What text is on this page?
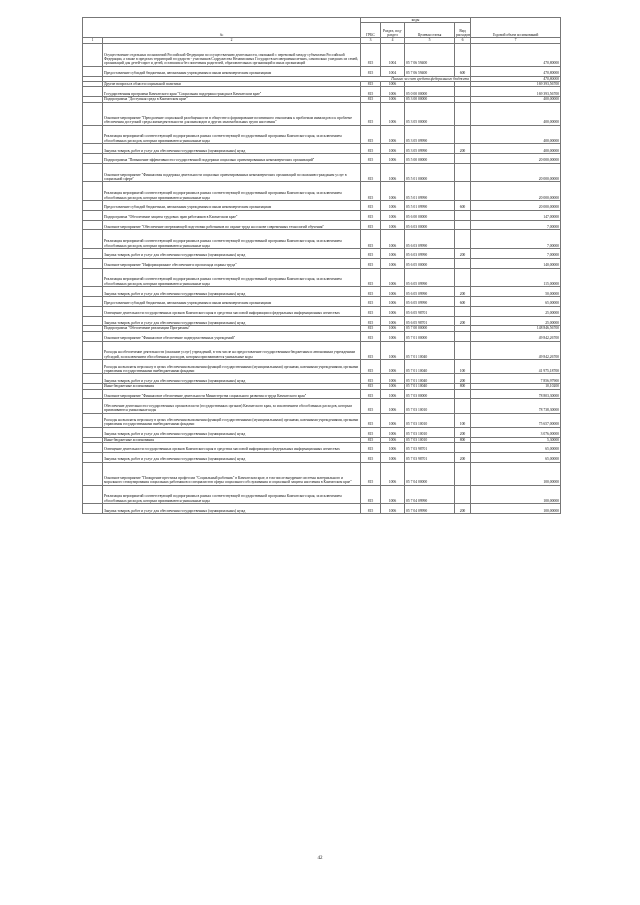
№		коды				Годовой объем ассигнований
		ГРБС	Раздел, под-раздел	Целевая статья	Вид расходов	
1	2	3	4	5	6	7
	Осуществление отдельных полномочий Российской Федерации по осуществлению деятельности, связанной с перевозкой между субъектами Российской Федерации, а также в пределах территорий государств - участников Содружества Независимых Государств несовершеннолетних, самовольно ушедших из семей, организаций для детей-сирот и детей, оставшихся без попечения родителей, образовательных организаций и иных организаций	815	1004	05 7 06 59400		470,80000
	Предоставление субсидий бюджетным, автономным учреждениям и иным некоммерческим организациям	815	1004	05 7 06 59400	600	470,80000
	Письмо за счет средств федерального бюджета					470,80000
	Другие вопросы в области социальной политики	815	1006			169 393,56700
	Государственная программа Камчатского края "Социальная поддержка граждан в Камчатском крае"	815	1006	05 0 00 00000		169 393,56700
	Подпрограмма "Доступная среда в Камчатском крае"	815	1006	05 3 00 00000		400,00000
	Основное мероприятие "Преодоление социальной разобщенности в обществе и формирование позитивного отношения к проблемам инвалидов и к проблеме обеспечения доступной среды жизнедеятельности для инвалидов и других маломобильных групп населения"	815	1006	05 3 05 00000		400,00000
	Реализация мероприятий соответствующей подпрограммы в рамках соответствующей государственной программы Камчатского края, за исключением обособленных расходов, которым присваиваются уникальные коды	815	1006	05 3 05 09990		400,00000
	Закупка товаров, работ и услуг для обеспечения государственных (муниципальных) нужд	815	1006	05 3 05 09990	200	400,00000
	Подпрограмма "Повышение эффективности государственной поддержки социально ориентированных некоммерческих организаций"	815	1006	05 5 00 00000		20 000,00000
	Основное мероприятие "Финансовая поддержка деятельности социально ориентированных некоммерческих организаций по оказанию гражданам услуг в социальной сфере"	815	1006	05 5 01 00000		20 000,00000
	Реализация мероприятий соответствующей подпрограммы в рамках соответствующей государственной программы Камчатского края, за исключением обособленных расходов, которым присваиваются уникальные коды	815	1006	05 5 01 09990		20 000,00000
	Предоставление субсидий бюджетным, автономным учреждениям и иным некоммерческим организациям	815	1006	05 5 01 09990	600	20 000,00000
	Подпрограмма "Обеспечение защиты трудовых прав работников в Камчатском крае"	815	1006	05 6 00 00000		147,00000
	Основное мероприятие "Обеспечение опережающей подготовки работников по охране труда на основе современных технологий обучения"	815	1006	05 6 03 00000		7,00000
	Реализация мероприятий соответствующей подпрограммы в рамках соответствующей государственной программы Камчатского края, за исключением обособленных расходов, которым присваиваются уникальные коды	815	1006	05 6 03 09990		7,00000
	Закупка товаров, работ и услуг для обеспечения государственных (муниципальных) нужд	815	1006	05 6 03 09990	200	7,00000
	Основное мероприятие "Информационное обеспечение и пропаганда охраны труда"	815	1006	05 6 05 00000		140,00000
	Реализация мероприятий соответствующей подпрограммы в рамках соответствующей государственной программы Камчатского края, за исключением обособленных расходов, которым присваиваются уникальные коды	815	1006	05 6 05 09990		115,00000
	Закупка товаров, работ и услуг для обеспечения государственных (муниципальных) нужд	815	1006	05 6 05 09990	200	50,00000
	Предоставление субсидий бюджетным, автономным учреждениям и иным некоммерческим организациям	815	1006	05 6 05 09990	600	65,00000
	Освещение деятельности государственных органов Камчатского края в средствах массовой информации и федеральных информационных агентствах	815	1006	05 6 05 98701		25,00000
	Закупка товаров, работ и услуг для обеспечения государственных (муниципальных) нужд	815	1006	05 6 05 98701	200	25,00000
	Подпрограмма "Обеспечение реализации Программы"	815	1006	05 7 00 00000		148 846,56700
	Основное мероприятие "Финансовое обеспечение подведомственных учреждений"	815	1006	05 7 01 00000		49 842,26700
	Расходы на обеспечение деятельности (оказание услуг) учреждений, в том числе на предоставление государственным бюджетным и автономным учреждениям субсидий, за исключением обособленных расходов, которым присваиваются уникальные коды	815	1006	05 7 01 10040		49 842,26700
	Расходы на выплаты персоналу в целях обеспечения выполнения функций государственными (муниципальными) органами, казенными учреждениями, органами управления государственными внебюджетными фондами	815	1006	05 7 01 10040	100	41 975,18700
	Закупка товаров, работ и услуг для обеспечения государственных (муниципальных) нужд	815	1006	05 7 01 10040	200	7 856,97900
	Иные бюджетные ассигнования	815	1006	05 7 01 10040	800	10,10200
	Основное мероприятие "Финансовое обеспечение деятельности Министерства социального развития и труда Камчатского края"	815	1006	05 7 03 00000		78 803,30000
	Обеспечение деятельности государственных органов власти (государственных органов) Камчатского края, за исключением обособленных расходов, которым присваиваются уникальные коды	815	1006	05 7 03 10010		78 738,30000
	Расходы на выплаты персоналу в целях обеспечения выполнения функций государственными (муниципальными) органами, казенными учреждениями, органами управления государственными внебюджетными фондами	815	1006	05 7 03 10010	100	75 657,00000
	Закупка товаров, работ и услуг для обеспечения государственных (муниципальных) нужд	815	1006	05 7 03 10010	200	3 076,00000
	Иные бюджетные ассигнования	815	1006	05 7 03 10010	800	5,30000
	Освещение деятельности государственных органов Камчатского края в средствах массовой информации и федеральных информационных агентствах	815	1006	05 7 03 98701		65,00000
	Закупка товаров, работ и услуг для обеспечения государственных (муниципальных) нужд	815	1006	05 7 03 98701	200	65,00000
	Основное мероприятие "Поощрение престижа профессии "Социальный работник" в Камчатском крае, в том числе внедрение системы материального и морального стимулирования социальных работников и специалистов сферы социального обслуживания и социальной защиты населения в Камчатском крае"	815	1006	05 7 04 00000		100,00000
	Реализация мероприятий соответствующей подпрограммы в рамках соответствующей государственной программы Камчатского края, за исключением обособленных расходов, которым присваиваются уникальные коды	815	1006	05 7 04 09990		100,00000
	Закупка товаров, работ и услуг для обеспечения государственных (муниципальных) нужд	815	1006	05 7 04 09990	200	100,00000
42
